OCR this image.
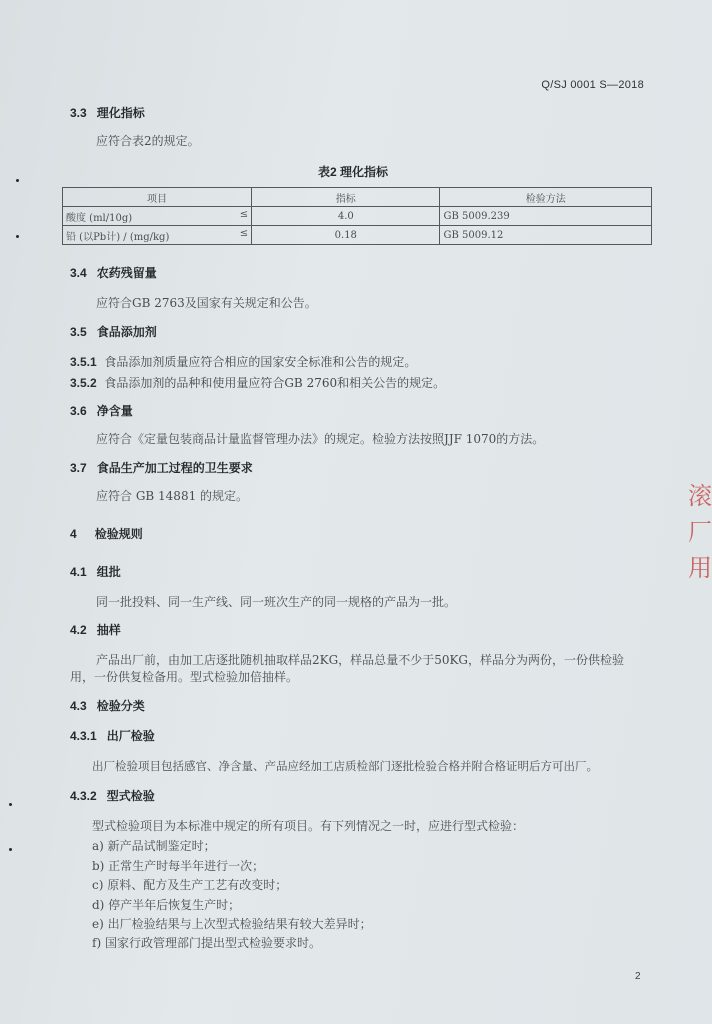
Q/SJ 0001 S—2018
3.3 理化指标
应符合表2的规定。
表2 理化指标
项目	指标	检验方法
酸度 (ml/10g) ≤	4.0	GB 5009.239
铅 (以Pb计) / (mg/kg) ≤	0.18	GB 5009.12
3.4 农药残留量
应符合GB 2763及国家有关规定和公告。
3.5 食品添加剂
3.5.1 食品添加剂质量应符合相应的国家安全标准和公告的规定。
3.5.2 食品添加剂的品种和使用量应符合GB 2760和相关公告的规定。
3.6 净含量
应符合《定量包装商品计量监督管理办法》的规定。检验方法按照JJF 1070的方法。
3.7 食品生产加工过程的卫生要求
应符合 GB 14881 的规定。
4 检验规则
4.1 组批
同一批投料、同一生产线、同一班次生产的同一规格的产品为一批。
4.2 抽样
产品出厂前，由加工店逐批随机抽取样品2KG，样品总量不少于50KG，样品分为两份，一份供检验
用，一份供复检备用。型式检验加倍抽样。
4.3 检验分类
4.3.1 出厂检验
出厂检验项目包括感官、净含量、产品应经加工店质检部门逐批检验合格并附合格证明后方可出厂。
4.3.2 型式检验
型式检验项目为本标准中规定的所有项目。有下列情况之一时，应进行型式检验：
a) 新产品试制鉴定时；
b) 正常生产时每半年进行一次；
c) 原料、配方及生产工艺有改变时；
d) 停产半年后恢复生产时；
e) 出厂检验结果与上次型式检验结果有较大差异时；
f) 国家行政管理部门提出型式检验要求时。
滚
厂
用
2
